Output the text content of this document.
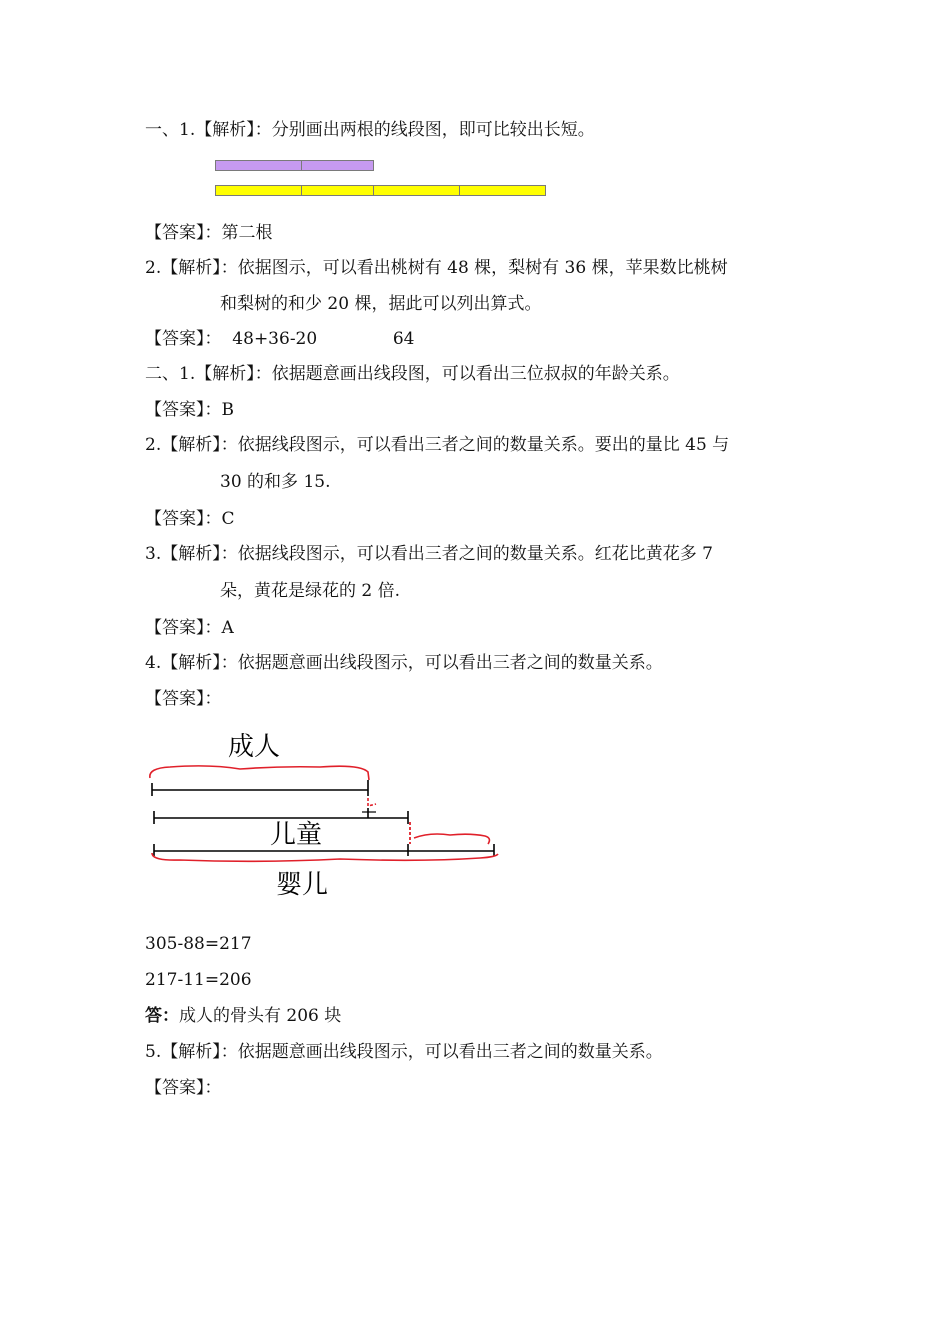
一、1.【解析】：分别画出两根的线段图，即可比较出长短。
【答案】：第二根
2.【解析】：依据图示，可以看出桃树有 48 棵，梨树有 36 棵，苹果数比桃树
和梨树的和少 20 棵，据此可以列出算式。
【答案】：  48+36-20              64
二、1.【解析】：依据题意画出线段图，可以看出三位叔叔的年龄关系。
【答案】：B
2.【解析】：依据线段图示，可以看出三者之间的数量关系。要出的量比 45 与
30 的和多 15.
【答案】：C
3.【解析】：依据线段图示，可以看出三者之间的数量关系。红花比黄花多 7
朵，黄花是绿花的 2 倍.
【答案】：A
4.【解析】：依据题意画出线段图示，可以看出三者之间的数量关系。
【答案】：
成人
儿童
婴儿
305-88=217
217-11=206
答：成人的骨头有 206 块
5.【解析】：依据题意画出线段图示，可以看出三者之间的数量关系。
【答案】：
